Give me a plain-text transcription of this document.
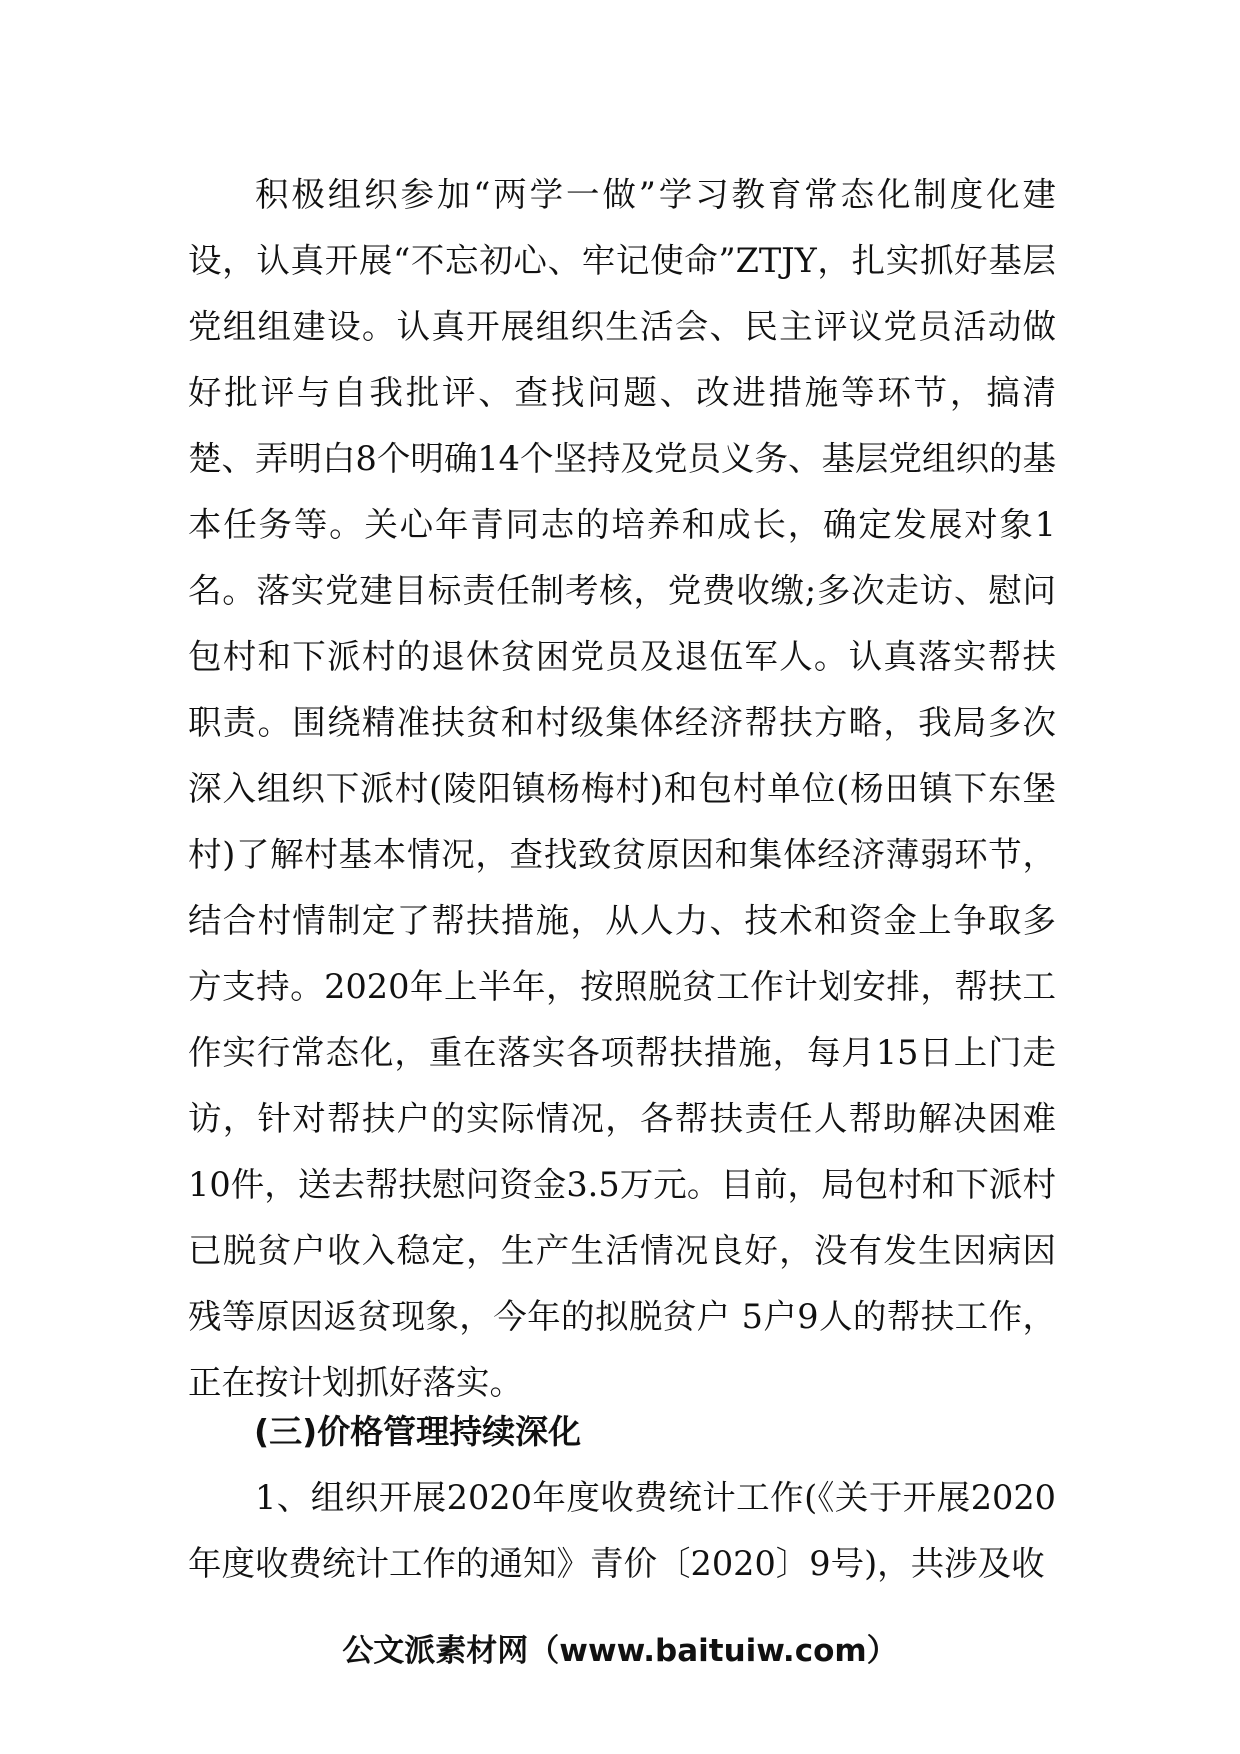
积极组织参加“两学一做”学习教育常态化制度化建设，认真开展“不忘初心、牢记使命”ZTJY，扎实抓好基层党组组建设。认真开展组织生活会、民主评议党员活动做好批评与自我批评、查找问题、改进措施等环节，搞清楚、弄明白8个明确14个坚持及党员义务、基层党组织的基本任务等。关心年青同志的培养和成长，确定发展对象1名。落实党建目标责任制考核，党费收缴;多次走访、慰问包村和下派村的退休贫困党员及退伍军人。认真落实帮扶职责。围绕精准扶贫和村级集体经济帮扶方略，我局多次深入组织下派村(陵阳镇杨梅村)和包村单位(杨田镇下东堡村)了解村基本情况，查找致贫原因和集体经济薄弱环节，结合村情制定了帮扶措施，从人力、技术和资金上争取多方支持。2020年上半年，按照脱贫工作计划安排，帮扶工作实行常态化，重在落实各项帮扶措施，每月15日上门走访，针对帮扶户的实际情况，各帮扶责任人帮助解决困难10件，送去帮扶慰问资金3.5万元。目前，局包村和下派村已脱贫户收入稳定，生产生活情况良好，没有发生因病因残等原因返贫现象，今年的拟脱贫户 5户9人的帮扶工作，正在按计划抓好落实。

(三)价格管理持续深化

1、组织开展2020年度收费统计工作(《关于开展2020年度收费统计工作的通知》青价〔2020〕9号)，共涉及收

公文派素材网（www.baituiw.com）
